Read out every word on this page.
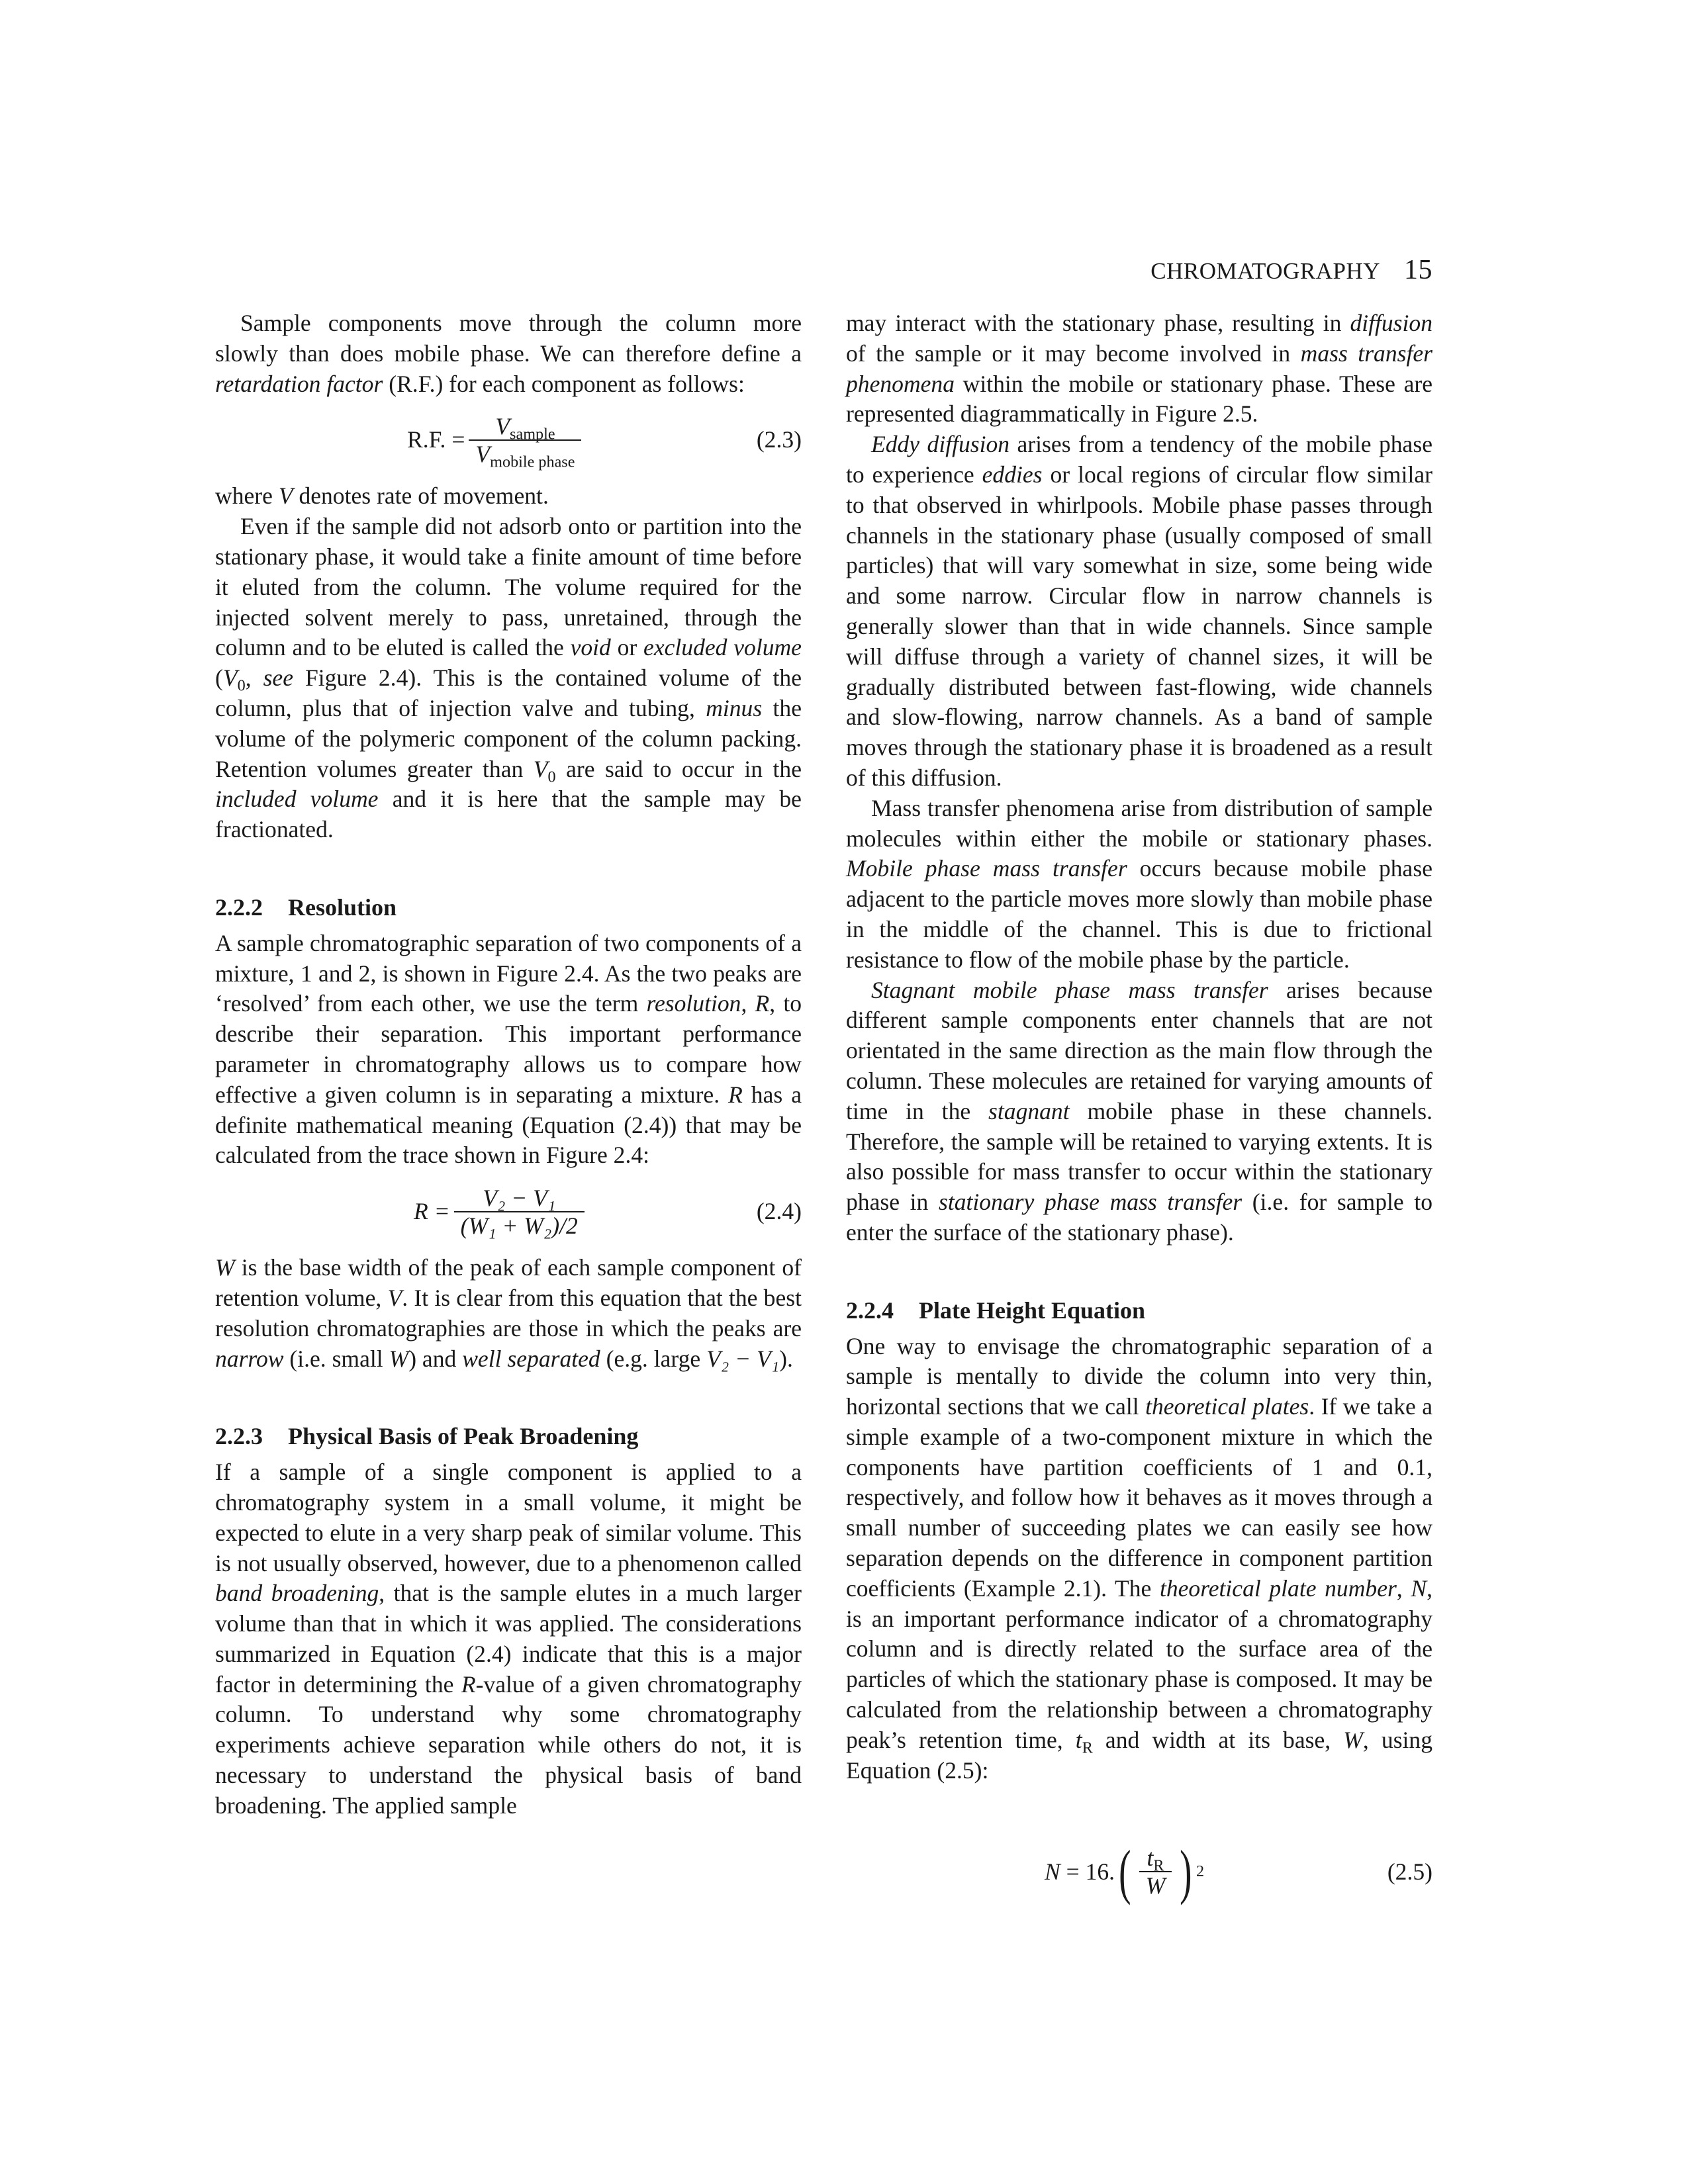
CHROMATOGRAPHY 15

Sample components move through the column more slowly than does mobile phase. We can therefore define a retardation factor (R.F.) for each component as follows:

R.F. = $\frac{V_{sample}}{V_{mobile phase}}$	(2.3)

where V denotes rate of movement.

Even if the sample did not adsorb onto or partition into the stationary phase, it would take a finite amount of time before it eluted from the column. The volume required for the injected solvent merely to pass, unretained, through the column and to be eluted is called the void or excluded volume ($V_0$, see Figure 2.4). This is the contained volume of the column, plus that of injection valve and tubing, minus the volume of the polymeric component of the column packing. Retention volumes greater than $V_0$ are said to occur in the included volume and it is here that the sample may be fractionated.

2.2.2 Resolution

A sample chromatographic separation of two components of a mixture, 1 and 2, is shown in Figure 2.4. As the two peaks are ‘resolved’ from each other, we use the term resolution, R, to describe their separation. This important performance parameter in chromatography allows us to compare how effective a given column is in separating a mixture. R has a definite mathematical meaning (Equation (2.4)) that may be calculated from the trace shown in Figure 2.4:

$R = \frac{\text{V₂ − V₁}}{\text{(W₁ + W₂)/2}}$	(2.4)

W is the base width of the peak of each sample component of retention volume, V. It is clear from this equation that the best resolution chromatographies are those in which the peaks are narrow (i.e. small W) and well separated (e.g. large V₂ − V₁).

2.2.3 Physical Basis of Peak Broadening

If a sample of a single component is applied to a chromatography system in a small volume, it might be expected to elute in a very sharp peak of similar volume. This is not usually observed, however, due to a phenomenon called band broadening, that is the sample elutes in a much larger volume than that in which it was applied. The considerations summarized in Equation (2.4) indicate that this is a major factor in determining the R-value of a given chromatography column. To understand why some chromatography experiments achieve separation while others do not, it is necessary to understand the physical basis of band broadening. The applied sample

may interact with the stationary phase, resulting in diffusion of the sample or it may become involved in mass transfer phenomena within the mobile or stationary phase. These are represented diagrammatically in Figure 2.5.

Eddy diffusion arises from a tendency of the mobile phase to experience eddies or local regions of circular flow similar to that observed in whirlpools. Mobile phase passes through channels in the stationary phase (usually composed of small particles) that will vary somewhat in size, some being wide and some narrow. Circular flow in narrow channels is generally slower than that in wide channels. Since sample will diffuse through a variety of channel sizes, it will be gradually distributed between fast-flowing, wide channels and slow-flowing, narrow channels. As a band of sample moves through the stationary phase it is broadened as a result of this diffusion.

Mass transfer phenomena arise from distribution of sample molecules within either the mobile or stationary phases. Mobile phase mass transfer occurs because mobile phase adjacent to the particle moves more slowly than mobile phase in the middle of the channel. This is due to frictional resistance to flow of the mobile phase by the particle.

Stagnant mobile phase mass transfer arises because different sample components enter channels that are not orientated in the same direction as the main flow through the column. These molecules are retained for varying amounts of time in the stagnant mobile phase in these channels. Therefore, the sample will be retained to varying extents. It is also possible for mass transfer to occur within the stationary phase in stationary phase mass transfer (i.e. for sample to enter the surface of the stationary phase).

2.2.4 Plate Height Equation

One way to envisage the chromatographic separation of a sample is mentally to divide the column into very thin, horizontal sections that we call theoretical plates. If we take a simple example of a two-component mixture in which the components have partition coefficients of 1 and 0.1, respectively, and follow how it behaves as it moves through a small number of succeeding plates we can easily see how separation depends on the difference in component partition coefficients (Example 2.1). The theoretical plate number, N, is an important performance indicator of a chromatography column and is directly related to the surface area of the particles of which the stationary phase is composed. It may be calculated from the relationship between a chromatography peak’s retention time, $t_R$ and width at its base, W, using Equation (2.5):

N = 16. ( $\frac{t_R}{W}$ ) 2	(2.5)
